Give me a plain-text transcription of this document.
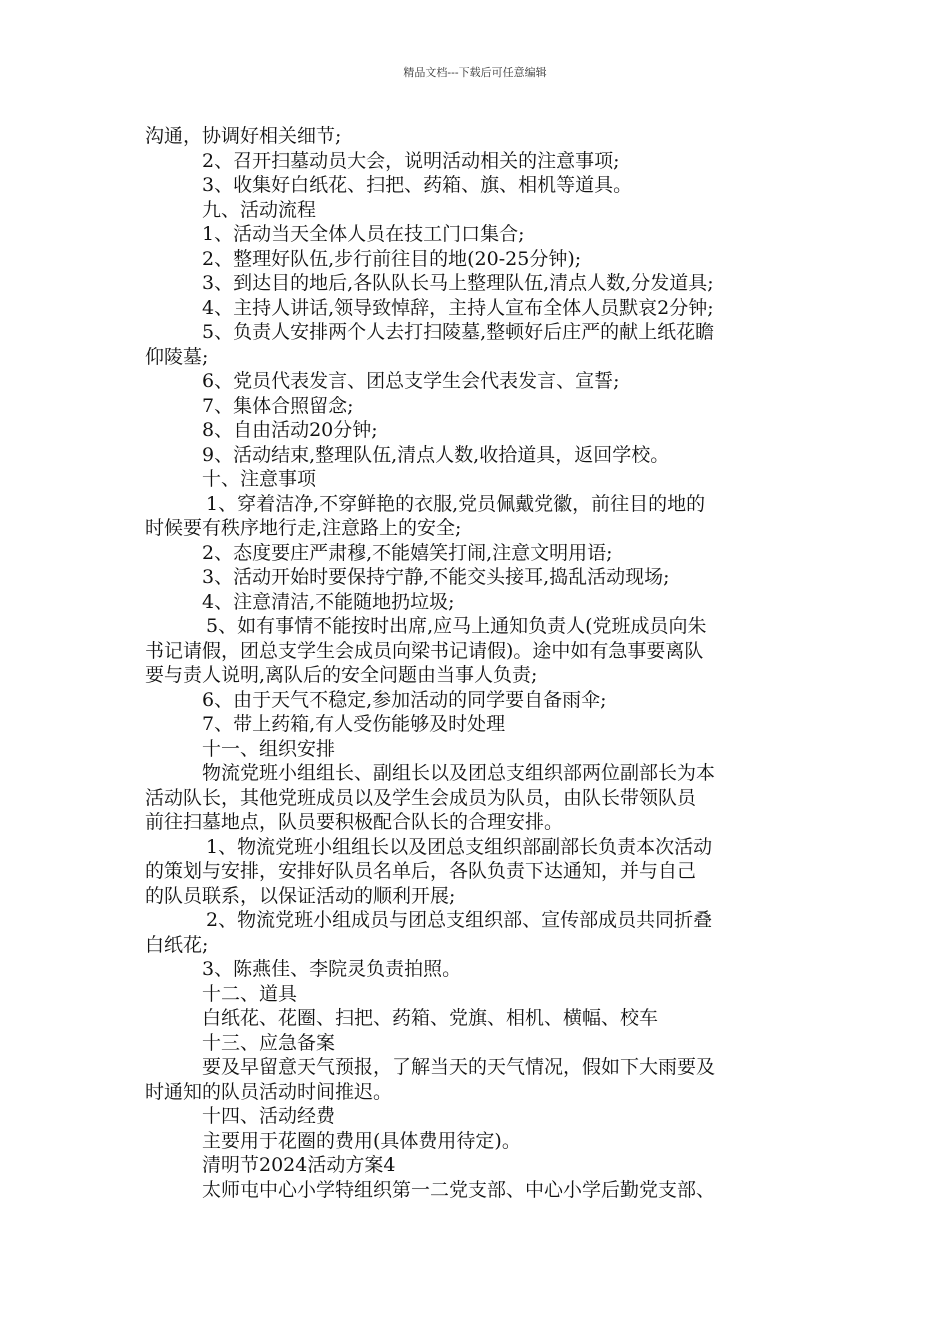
精品文档---下载后可任意编辑
沟通，协调好相关细节;
2、召开扫墓动员大会，说明活动相关的注意事项;
3、收集好白纸花、扫把、药箱、旗、相机等道具。
九、活动流程
1、活动当天全体人员在技工门口集合;
2、整理好队伍,步行前往目的地(20-25分钟);
3、到达目的地后,各队队长马上整理队伍,清点人数,分发道具;
4、主持人讲话,领导致悼辞，主持人宣布全体人员默哀2分钟;
5、负责人安排两个人去打扫陵墓,整顿好后庄严的献上纸花瞻
仰陵墓;
6、党员代表发言、团总支学生会代表发言、宣誓;
7、集体合照留念;
8、自由活动20分钟;
9、活动结束,整理队伍,清点人数,收拾道具，返回学校。
十、注意事项
1、穿着洁净,不穿鲜艳的衣服,党员佩戴党徽，前往目的地的
时候要有秩序地行走,注意路上的安全;
2、态度要庄严肃穆,不能嬉笑打闹,注意文明用语;
3、活动开始时要保持宁静,不能交头接耳,捣乱活动现场;
4、注意清洁,不能随地扔垃圾;
5、如有事情不能按时出席,应马上通知负责人(党班成员向朱
书记请假，团总支学生会成员向梁书记请假)。途中如有急事要离队
要与责人说明,离队后的安全问题由当事人负责;
6、由于天气不稳定,参加活动的同学要自备雨伞;
7、带上药箱,有人受伤能够及时处理
十一、组织安排
物流党班小组组长、副组长以及团总支组织部两位副部长为本
活动队长，其他党班成员以及学生会成员为队员，由队长带领队员
前往扫墓地点，队员要积极配合队长的合理安排。
1、物流党班小组组长以及团总支组织部副部长负责本次活动
的策划与安排，安排好队员名单后，各队负责下达通知，并与自己
的队员联系，以保证活动的顺利开展;
2、物流党班小组成员与团总支组织部、宣传部成员共同折叠
白纸花;
3、陈燕佳、李院灵负责拍照。
十二、道具
白纸花、花圈、扫把、药箱、党旗、相机、横幅、校车
十三、应急备案
要及早留意天气预报，了解当天的天气情况，假如下大雨要及
时通知的队员活动时间推迟。
十四、活动经费
主要用于花圈的费用(具体费用待定)。
清明节2024活动方案4
太师屯中心小学特组织第一二党支部、中心小学后勤党支部、
